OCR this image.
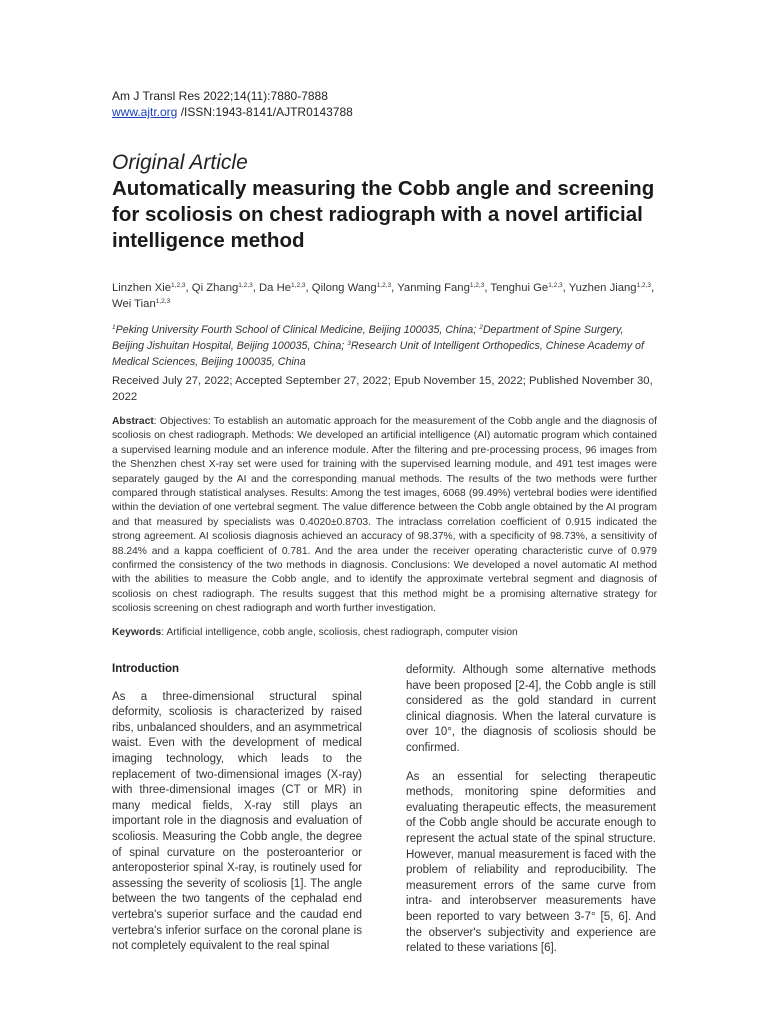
Am J Transl Res 2022;14(11):7880-7888
www.ajtr.org /ISSN:1943-8141/AJTR0143788
Original Article
Automatically measuring the Cobb angle and screening for scoliosis on chest radiograph with a novel artificial intelligence method
Linzhen Xie$^{1,2,3}$, Qi Zhang$^{1,2,3}$, Da He$^{1,2,3}$, Qilong Wang$^{1,2,3}$, Yanming Fang$^{1,2,3}$, Tenghui Ge$^{1,2,3}$, Yuzhen Jiang$^{1,2,3}$, Wei Tian$^{1,2,3}$
$^1$Peking University Fourth School of Clinical Medicine, Beijing 100035, China; $^2$Department of Spine Surgery, Beijing Jishuitan Hospital, Beijing 100035, China; $^3$Research Unit of Intelligent Orthopedics, Chinese Academy of Medical Sciences, Beijing 100035, China
Received July 27, 2022; Accepted September 27, 2022; Epub November 15, 2022; Published November 30, 2022
Abstract: Objectives: To establish an automatic approach for the measurement of the Cobb angle and the diagnosis of scoliosis on chest radiograph. Methods: We developed an artificial intelligence (AI) automatic program which contained a supervised learning module and an inference module. After the filtering and pre-processing process, 96 images from the Shenzhen chest X-ray set were used for training with the supervised learning module, and 491 test images were separately gauged by the AI and the corresponding manual methods. The results of the two methods were further compared through statistical analyses. Results: Among the test images, 6068 (99.49%) vertebral bodies were identified within the deviation of one vertebral segment. The value difference between the Cobb angle obtained by the AI program and that measured by specialists was 0.4020±0.8703. The intraclass correlation coefficient of 0.915 indicated the strong agreement. AI scoliosis diagnosis achieved an accuracy of 98.37%, with a specificity of 98.73%, a sensitivity of 88.24% and a kappa coefficient of 0.781. And the area under the receiver operating characteristic curve of 0.979 confirmed the consistency of the two methods in diagnosis. Conclusions: We developed a novel automatic AI method with the abilities to measure the Cobb angle, and to identify the approximate vertebral segment and diagnosis of scoliosis on chest radiograph. The results suggest that this method might be a promising alternative strategy for scoliosis screening on chest radiograph and worth further investigation.
Keywords: Artificial intelligence, cobb angle, scoliosis, chest radiograph, computer vision
Introduction

As a three-dimensional structural spinal deformity, scoliosis is characterized by raised ribs, unbalanced shoulders, and an asymmetrical waist. Even with the development of medical imaging technology, which leads to the replacement of two-dimensional images (X-ray) with three-dimensional images (CT or MR) in many medical fields, X-ray still plays an important role in the diagnosis and evaluation of scoliosis. Measuring the Cobb angle, the degree of spinal curvature on the posteroanterior or anteroposterior spinal X-ray, is routinely used for assessing the severity of scoliosis [1]. The angle between the two tangents of the cephalad end vertebra's superior surface and the caudad end vertebra's inferior surface on the coronal plane is not completely equivalent to the real spinal

deformity. Although some alternative methods have been proposed [2-4], the Cobb angle is still considered as the gold standard in current clinical diagnosis. When the lateral curvature is over 10°, the diagnosis of scoliosis should be confirmed.

As an essential for selecting therapeutic methods, monitoring spine deformities and evaluating therapeutic effects, the measurement of the Cobb angle should be accurate enough to represent the actual state of the spinal structure. However, manual measurement is faced with the problem of reliability and reproducibility. The measurement errors of the same curve from intra- and interobserver measurements have been reported to vary between 3-7° [5, 6]. And the observer's subjectivity and experience are related to these variations [6].
